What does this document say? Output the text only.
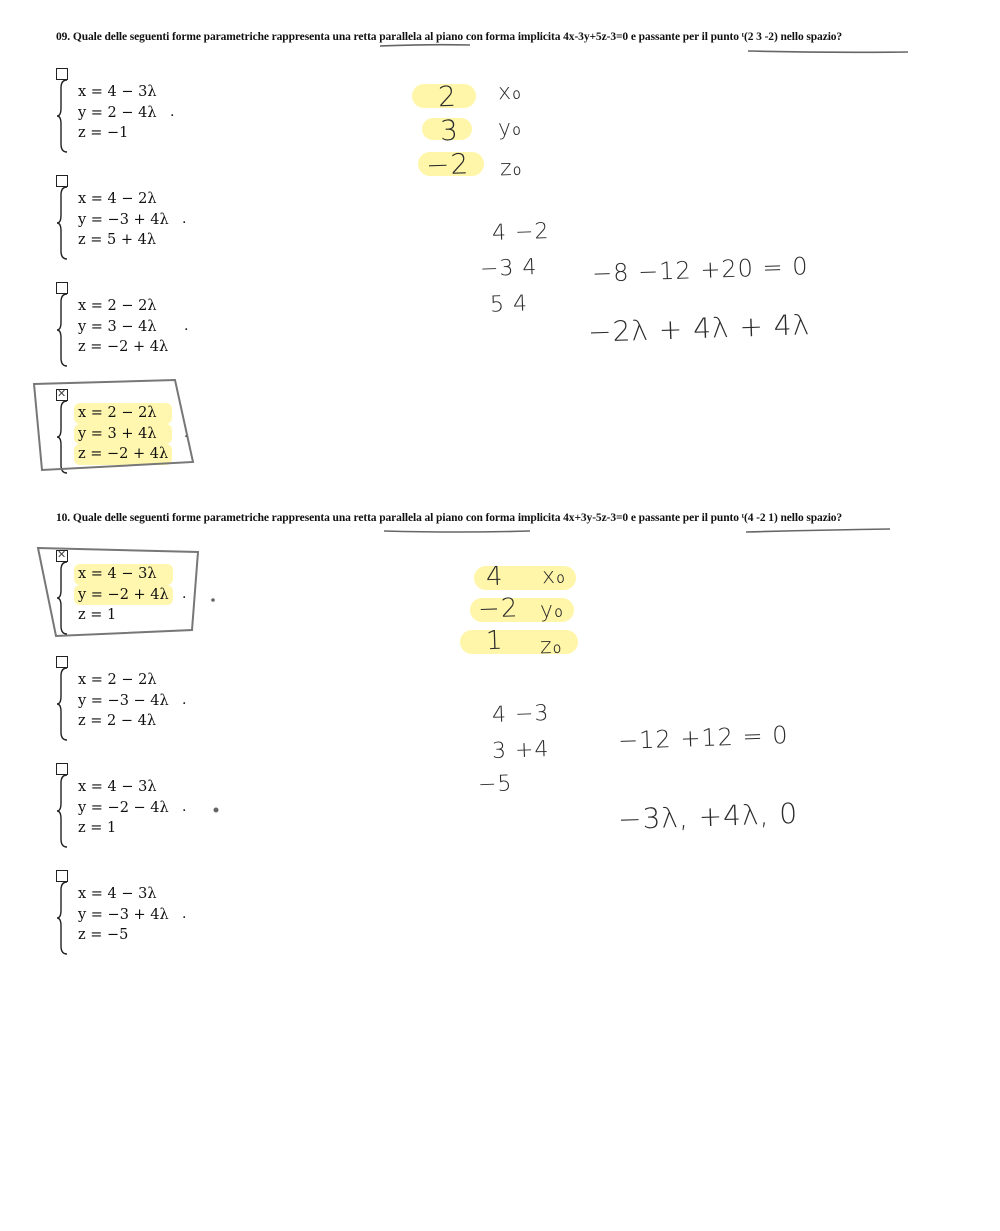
09. Quale delle seguenti forme parametriche rappresenta una retta parallela al piano con forma implicita 4x-3y+5z-3=0 e passante per il punto ᵗ(2 3 -2) nello spazio?
x = 4 − 3λ
y = 2 − 4λ
z = −1
.
x = 4 − 2λ
y = −3 + 4λ
z = 5 + 4λ
.
x = 2 − 2λ
y = 3 − 4λ
z = −2 + 4λ
.
✕
x = 2 − 2λ
y = 3 + 4λ
z = −2 + 4λ
.
2
3
−2
x₀
y₀
z₀
4 −2
−3 4
5 4
−8 −12 +20 = 0
−2λ + 4λ + 4λ
10. Quale delle seguenti forme parametriche rappresenta una retta parallela al piano con forma implicita 4x+3y-5z-3=0 e passante per il punto ᵗ(4 -2 1) nello spazio?
✕
x = 4 − 3λ
y = −2 + 4λ
z = 1
.
x = 2 − 2λ
y = −3 − 4λ
z = 2 − 4λ
.
x = 4 − 3λ
y = −2 − 4λ
z = 1
.
x = 4 − 3λ
y = −3 + 4λ
z = −5
.
4
−2
1
x₀
y₀
z₀
4 −3
3 +4
−5
−12 +12 = 0
−3λ, +4λ, 0
